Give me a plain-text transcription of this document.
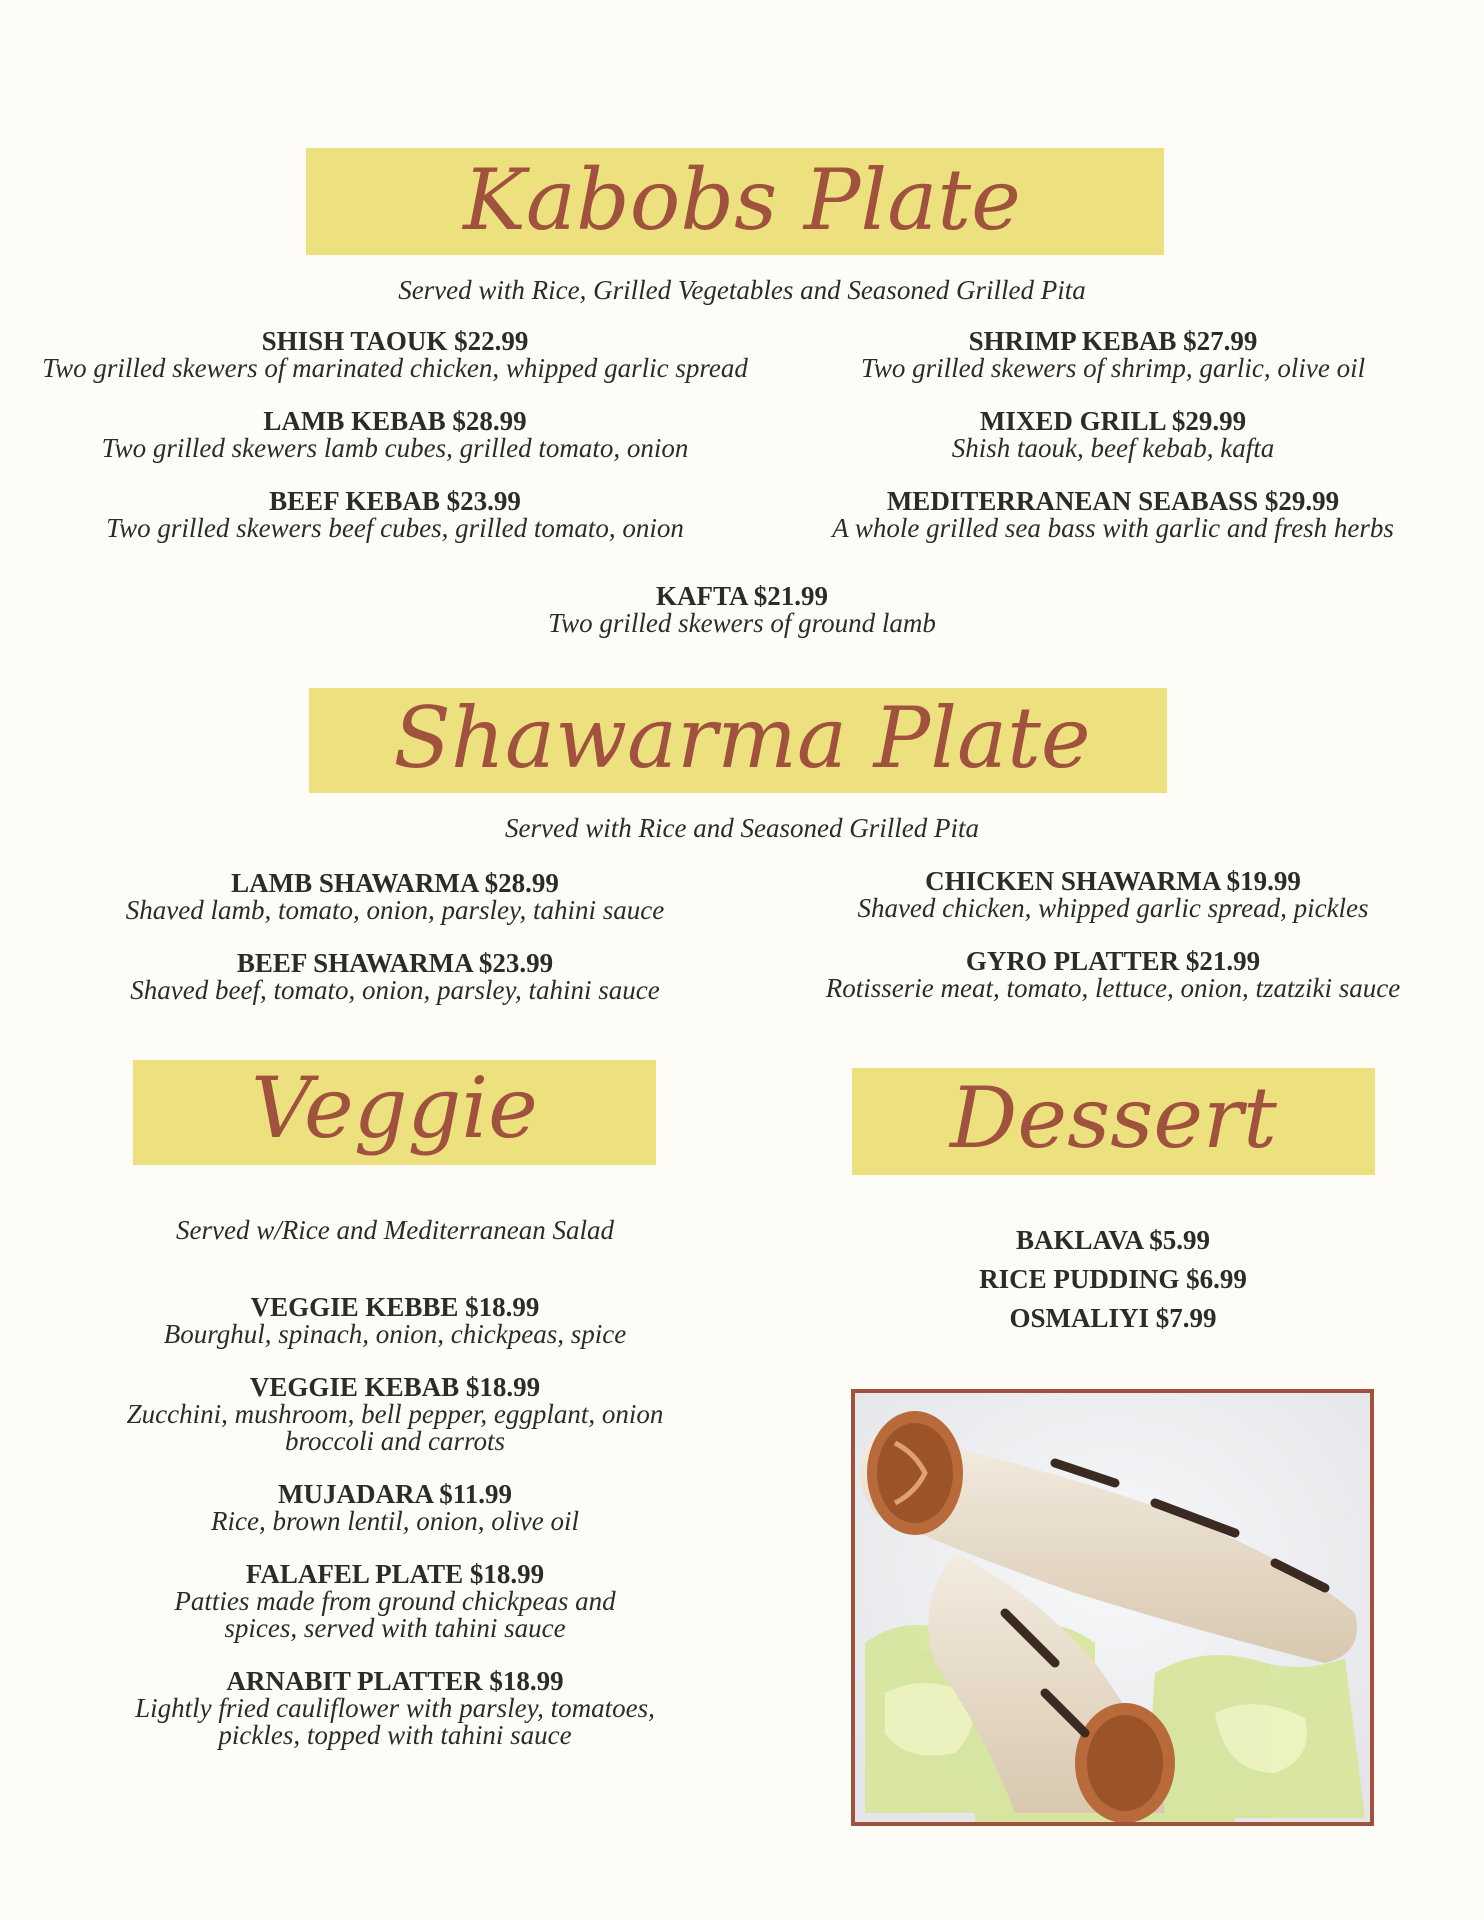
Kabobs Plate
Served with Rice, Grilled Vegetables and Seasoned Grilled Pita
SHISH TAOUK $22.99
Two grilled skewers of marinated chicken, whipped garlic spread
LAMB KEBAB $28.99
Two grilled skewers lamb cubes, grilled tomato, onion
BEEF KEBAB $23.99
Two grilled skewers beef cubes, grilled tomato, onion
SHRIMP KEBAB $27.99
Two grilled skewers of shrimp, garlic, olive oil
MIXED GRILL $29.99
Shish taouk, beef kebab, kafta
MEDITERRANEAN SEABASS $29.99
A whole grilled sea bass with garlic and fresh herbs
KAFTA $21.99
Two grilled skewers of ground lamb
Shawarma Plate
Served with Rice and Seasoned Grilled Pita
LAMB SHAWARMA $28.99
Shaved lamb, tomato, onion, parsley, tahini sauce
BEEF SHAWARMA $23.99
Shaved beef, tomato, onion, parsley, tahini sauce
CHICKEN SHAWARMA $19.99
Shaved chicken, whipped garlic spread, pickles
GYRO PLATTER $21.99
Rotisserie meat, tomato, lettuce, onion, tzatziki sauce
Veggie
Served w/Rice and Mediterranean Salad
VEGGIE KEBBE $18.99
Bourghul, spinach, onion, chickpeas, spice
VEGGIE KEBAB $18.99
Zucchini, mushroom, bell pepper, eggplant, onion
broccoli and carrots
MUJADARA $11.99
Rice, brown lentil, onion, olive oil
FALAFEL PLATE $18.99
Patties made from ground chickpeas and
spices, served with tahini sauce
ARNABIT PLATTER $18.99
Lightly fried cauliflower with parsley, tomatoes,
pickles, topped with tahini sauce
Dessert
BAKLAVA $5.99
RICE PUDDING $6.99
OSMALIYI $7.99
